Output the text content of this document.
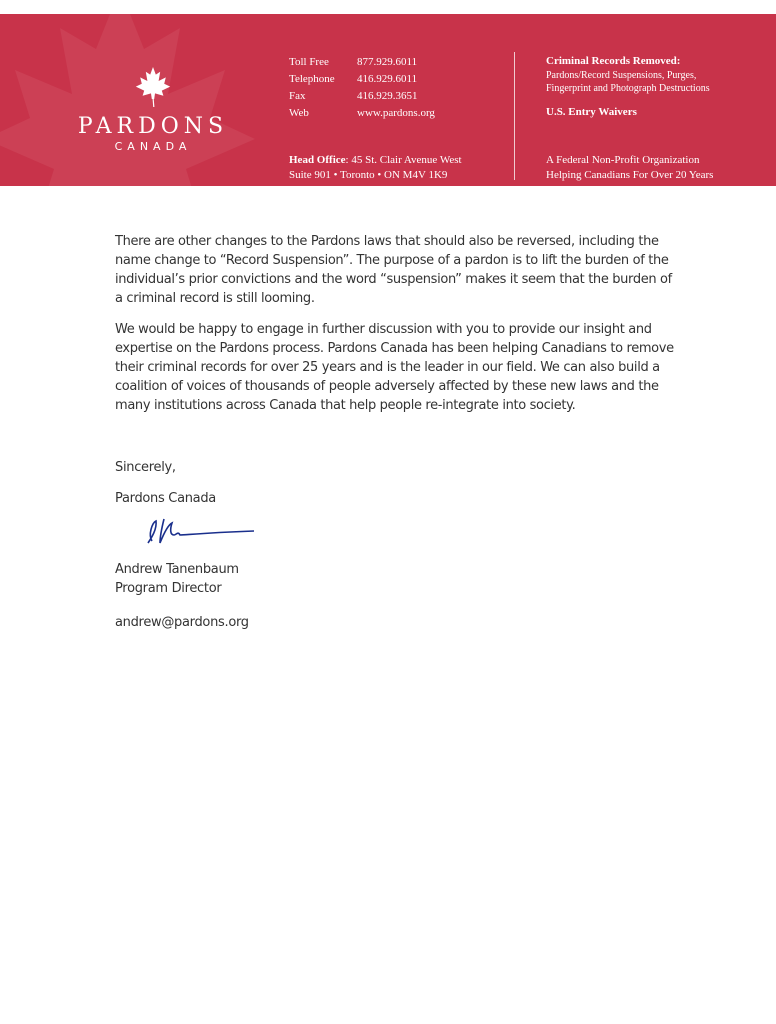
PARDONS
CANADA
Toll Free	877.929.6011
Telephone 416.929.6011
Fax	416.929.3651
Web	www.pardons.org
Head Office: 45 St. Clair Avenue West
Suite 901 • Toronto • ON M4V 1K9
Criminal Records Removed:
Pardons/Record Suspensions, Purges,
Fingerprint and Photograph Destructions
U.S. Entry Waivers
A Federal Non-Profit Organization
Helping Canadians For Over 20 Years

There are other changes to the Pardons laws that should also be reversed, including the name change to “Record Suspension”. The purpose of a pardon is to lift the burden of the individual’s prior convictions and the word “suspension” makes it seem that the burden of a criminal record is still looming.

We would be happy to engage in further discussion with you to provide our insight and expertise on the Pardons process. Pardons Canada has been helping Canadians to remove their criminal records for over 25 years and is the leader in our field. We can also build a coalition of voices of thousands of people adversely affected by these new laws and the many institutions across Canada that help people re-integrate into society.

Sincerely,
Pardons Canada
Andrew Tanenbaum
Program Director
andrew@pardons.org
